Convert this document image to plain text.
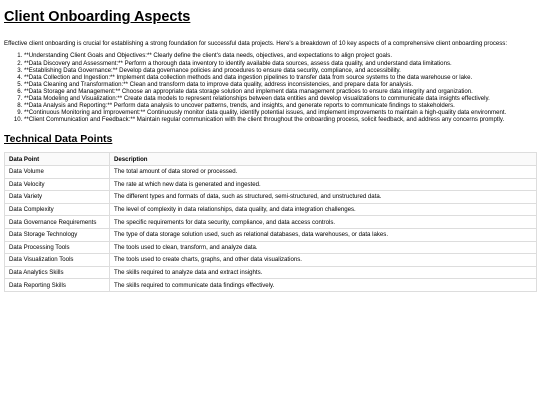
Client Onboarding Aspects

Effective client onboarding is crucial for establishing a strong foundation for successful data projects. Here's a breakdown of 10 key aspects of a comprehensive client onboarding process:

1. **Understanding Client Goals and Objectives:** Clearly define the client's data needs, objectives, and expectations to align project goals.
2. **Data Discovery and Assessment:** Perform a thorough data inventory to identify available data sources, assess data quality, and understand data limitations.
3. **Establishing Data Governance:** Develop data governance policies and procedures to ensure data security, compliance, and accessibility.
4. **Data Collection and Ingestion:** Implement data collection methods and data ingestion pipelines to transfer data from source systems to the data warehouse or lake.
5. **Data Cleaning and Transformation:** Clean and transform data to improve data quality, address inconsistencies, and prepare data for analysis.
6. **Data Storage and Management:** Choose an appropriate data storage solution and implement data management practices to ensure data integrity and organization.
7. **Data Modeling and Visualization:** Create data models to represent relationships between data entities and develop visualizations to communicate data insights effectively.
8. **Data Analysis and Reporting:** Perform data analysis to uncover patterns, trends, and insights, and generate reports to communicate findings to stakeholders.
9. **Continuous Monitoring and Improvement:** Continuously monitor data quality, identify potential issues, and implement improvements to maintain a high-quality data environment.
10. **Client Communication and Feedback:** Maintain regular communication with the client throughout the onboarding process, solicit feedback, and address any concerns promptly.
Technical Data Points
Data Point	Description
Data Volume	The total amount of data stored or processed.
Data Velocity	The rate at which new data is generated and ingested.
Data Variety	The different types and formats of data, such as structured, semi-structured, and unstructured data.
Data Complexity	The level of complexity in data relationships, data quality, and data integration challenges.
Data Governance Requirements	The specific requirements for data security, compliance, and data access controls.
Data Storage Technology	The type of data storage solution used, such as relational databases, data warehouses, or data lakes.
Data Processing Tools	The tools used to clean, transform, and analyze data.
Data Visualization Tools	The tools used to create charts, graphs, and other data visualizations.
Data Analytics Skills	The skills required to analyze data and extract insights.
Data Reporting Skills	The skills required to communicate data findings effectively.
